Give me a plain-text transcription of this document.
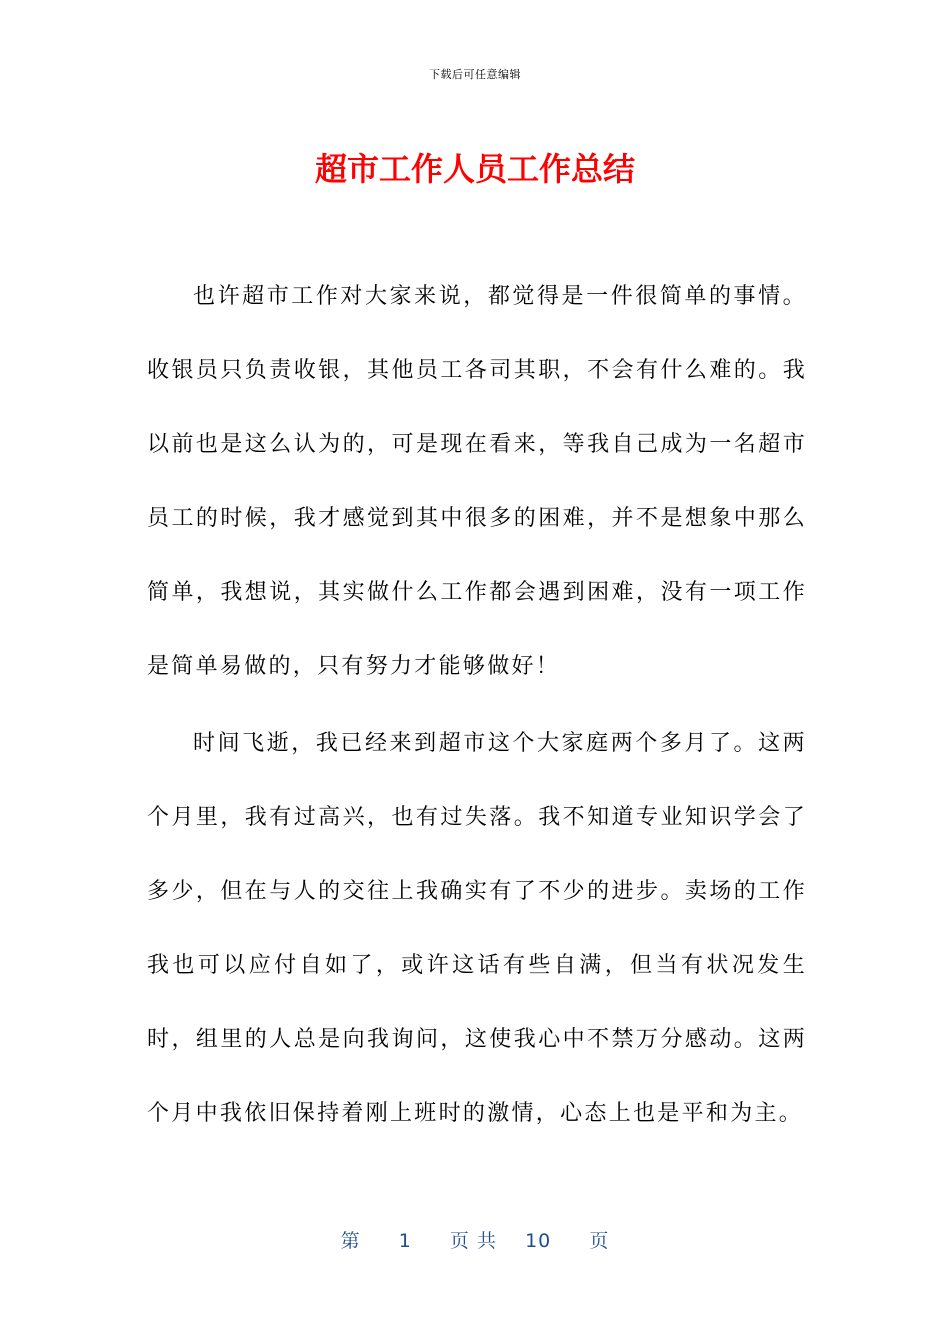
下载后可任意编辑
超市工作人员工作总结

也许超市工作对大家来说，都觉得是一件很简单的事情。收银员只负责收银，其他员工各司其职，不会有什么难的。我以前也是这么认为的，可是现在看来，等我自己成为一名超市员工的时候，我才感觉到其中很多的困难，并不是想象中那么简单，我想说，其实做什么工作都会遇到困难，没有一项工作是简单易做的，只有努力才能够做好！

时间飞逝，我已经来到超市这个大家庭两个多月了。这两个月里，我有过高兴，也有过失落。我不知道专业知识学会了多少，但在与人的交往上我确实有了不少的进步。卖场的工作我也可以应付自如了，或许这话有些自满，但当有状况发生时，组里的人总是向我询问，这使我心中不禁万分感动。这两个月中我依旧保持着刚上班时的激情，心态上也是平和为主。

第 1 页 共 10 页
